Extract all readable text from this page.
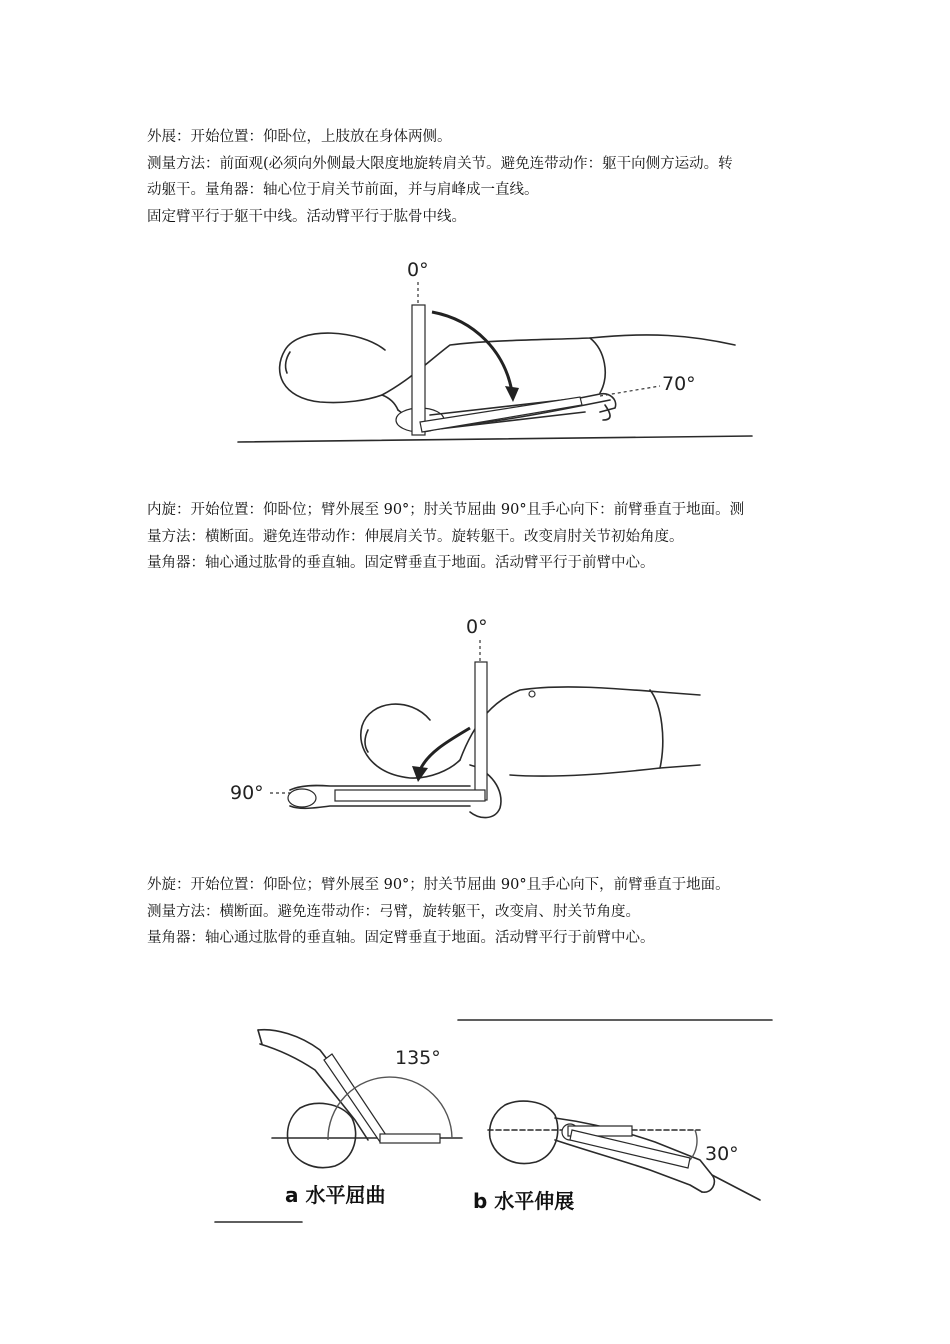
外展：开始位置：仰卧位，上肢放在身体两侧。
测量方法：前面观(必须向外侧最大限度地旋转肩关节。避免连带动作：躯干向侧方运动。转
动躯干。量角器：轴心位于肩关节前面，并与肩峰成一直线。
固定臂平行于躯干中线。活动臂平行于肱骨中线。
0°
70°
内旋：开始位置：仰卧位；臂外展至 90°；肘关节屈曲 90°且手心向下：前臂垂直于地面。测
量方法：横断面。避免连带动作：伸展肩关节。旋转躯干。改变肩肘关节初始角度。
量角器：轴心通过肱骨的垂直轴。固定臂垂直于地面。活动臂平行于前臂中心。
0°
90°
外旋：开始位置：仰卧位；臂外展至 90°；肘关节屈曲 90°且手心向下，前臂垂直于地面。
测量方法：横断面。避免连带动作：弓臂，旋转躯干，改变肩、肘关节角度。
量角器：轴心通过肱骨的垂直轴。固定臂垂直于地面。活动臂平行于前臂中心。
135°
a 水平屈曲
30°
b 水平伸展
